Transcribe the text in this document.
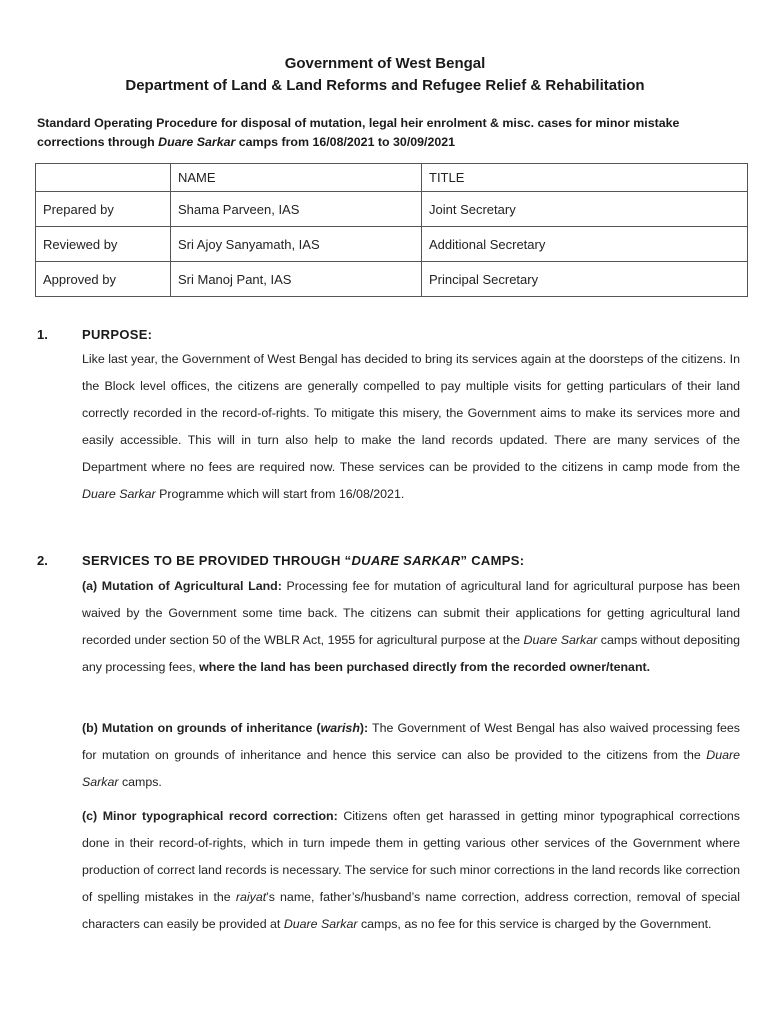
Government of West Bengal
Department of Land & Land Reforms and Refugee Relief & Rehabilitation
Standard Operating Procedure for disposal of mutation, legal heir enrolment & misc. cases for minor mistake corrections through Duare Sarkar camps from 16/08/2021 to 30/09/2021
	NAME	TITLE
Prepared by	Shama Parveen, IAS	Joint Secretary
Reviewed by	Sri Ajoy Sanyamath, IAS	Additional Secretary
Approved by	Sri Manoj Pant, IAS	Principal Secretary
1.	PURPOSE:
Like last year, the Government of West Bengal has decided to bring its services again at the doorsteps of the citizens. In the Block level offices, the citizens are generally compelled to pay multiple visits for getting particulars of their land correctly recorded in the record-of-rights. To mitigate this misery, the Government aims to make its services more and easily accessible. This will in turn also help to make the land records updated. There are many services of the Department where no fees are required now. These services can be provided to the citizens in camp mode from the Duare Sarkar Programme which will start from 16/08/2021.
2.	SERVICES TO BE PROVIDED THROUGH “DUARE SARKAR” CAMPS:
(a) Mutation of Agricultural Land: Processing fee for mutation of agricultural land for agricultural purpose has been waived by the Government some time back. The citizens can submit their applications for getting agricultural land recorded under section 50 of the WBLR Act, 1955 for agricultural purpose at the Duare Sarkar camps without depositing any processing fees, where the land has been purchased directly from the recorded owner/tenant.
(b) Mutation on grounds of inheritance (warish): The Government of West Bengal has also waived processing fees for mutation on grounds of inheritance and hence this service can also be provided to the citizens from the Duare Sarkar camps.
(c) Minor typographical record correction: Citizens often get harassed in getting minor typographical corrections done in their record-of-rights, which in turn impede them in getting various other services of the Government where production of correct land records is necessary. The service for such minor corrections in the land records like correction of spelling mistakes in the raiyat’s name, father’s/husband’s name correction, address correction, removal of special characters can easily be provided at Duare Sarkar camps, as no fee for this service is charged by the Government.
